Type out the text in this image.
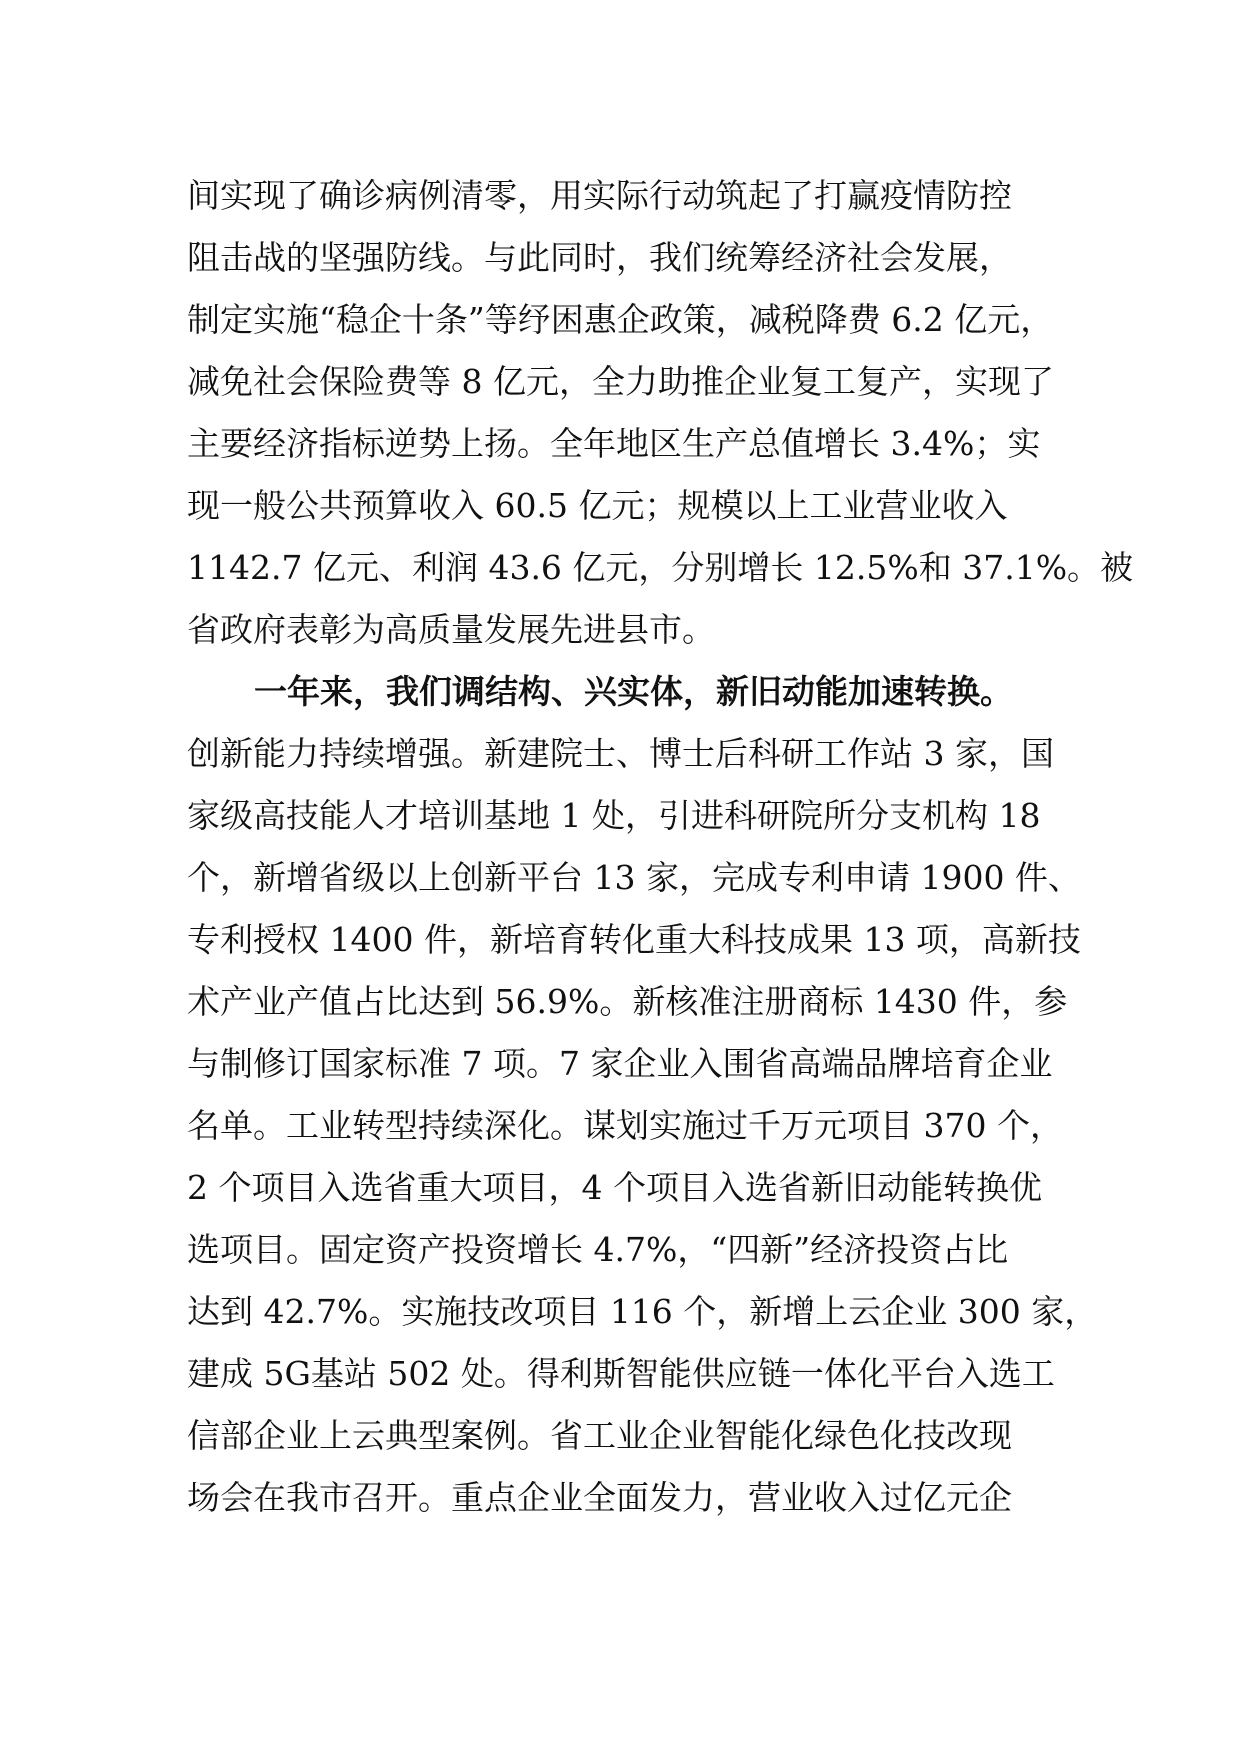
间实现了确诊病例清零，用实际行动筑起了打赢疫情防控
阻击战的坚强防线。与此同时，我们统筹经济社会发展，
制定实施“稳企十条”等纾困惠企政策，减税降费 6.2 亿元，
减免社会保险费等 8 亿元，全力助推企业复工复产，实现了
主要经济指标逆势上扬。全年地区生产总值增长 3.4%；实
现一般公共预算收入 60.5 亿元；规模以上工业营业收入
1142.7 亿元、利润 43.6 亿元，分别增长 12.5%和 37.1%。被
省政府表彰为高质量发展先进县市。
一年来，我们调结构、兴实体，新旧动能加速转换。
创新能力持续增强。新建院士、博士后科研工作站 3 家，国
家级高技能人才培训基地 1 处，引进科研院所分支机构 18
个，新增省级以上创新平台 13 家，完成专利申请 1900 件、
专利授权 1400 件，新培育转化重大科技成果 13 项，高新技
术产业产值占比达到 56.9%。新核准注册商标 1430 件，参
与制修订国家标准 7 项。7 家企业入围省高端品牌培育企业
名单。工业转型持续深化。谋划实施过千万元项目 370 个，
2 个项目入选省重大项目，4 个项目入选省新旧动能转换优
选项目。固定资产投资增长 4.7%，“四新”经济投资占比
达到 42.7%。实施技改项目 116 个，新增上云企业 300 家，
建成 5G基站 502 处。得利斯智能供应链一体化平台入选工
信部企业上云典型案例。省工业企业智能化绿色化技改现
场会在我市召开。重点企业全面发力，营业收入过亿元企
